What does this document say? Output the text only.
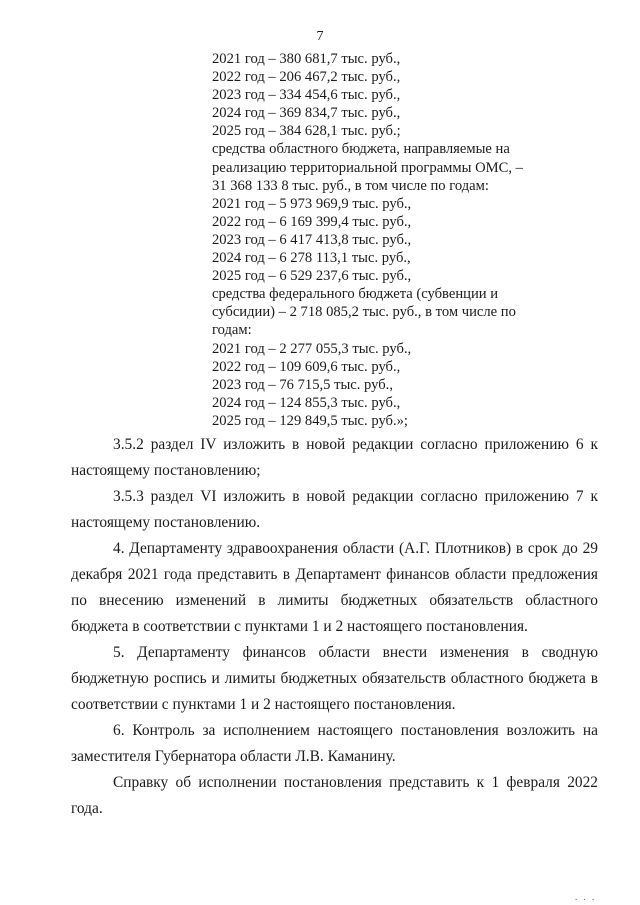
7
2021 год – 380 681,7 тыс. руб.,
2022 год – 206 467,2 тыс. руб.,
2023 год – 334 454,6 тыс. руб.,
2024 год – 369 834,7 тыс. руб.,
2025 год – 384 628,1 тыс. руб.;
средства областного бюджета, направляемые на
реализацию территориальной программы ОМС, –
31 368 133 8 тыс. руб., в том числе по годам:
2021 год – 5 973 969,9 тыс. руб.,
2022 год – 6 169 399,4 тыс. руб.,
2023 год – 6 417 413,8 тыс. руб.,
2024 год – 6 278 113,1 тыс. руб.,
2025 год – 6 529 237,6 тыс. руб.,
средства федерального бюджета (субвенции и
субсидии) – 2 718 085,2 тыс. руб., в том числе по
годам:
2021 год – 2 277 055,3 тыс. руб.,
2022 год – 109 609,6 тыс. руб.,
2023 год – 76 715,5 тыс. руб.,
2024 год – 124 855,3 тыс. руб.,
2025 год – 129 849,5 тыс. руб.»;

3.5.2 раздел IV изложить в новой редакции согласно приложению 6 к настоящему постановлению;

3.5.3 раздел VI изложить в новой редакции согласно приложению 7 к настоящему постановлению.

4. Департаменту здравоохранения области (А.Г. Плотников) в срок до 29 декабря 2021 года представить в Департамент финансов области предложения по внесению изменений в лимиты бюджетных обязательств областного бюджета в соответствии с пунктами 1 и 2 настоящего постановления.

5. Департаменту финансов области внести изменения в сводную бюджетную роспись и лимиты бюджетных обязательств областного бюджета в соответствии с пунктами 1 и 2 настоящего постановления.

6. Контроль за исполнением настоящего постановления возложить на заместителя Губернатора области Л.В. Каманину.

Справку об исполнении постановления представить к 1 февраля 2022 года.

. . .
